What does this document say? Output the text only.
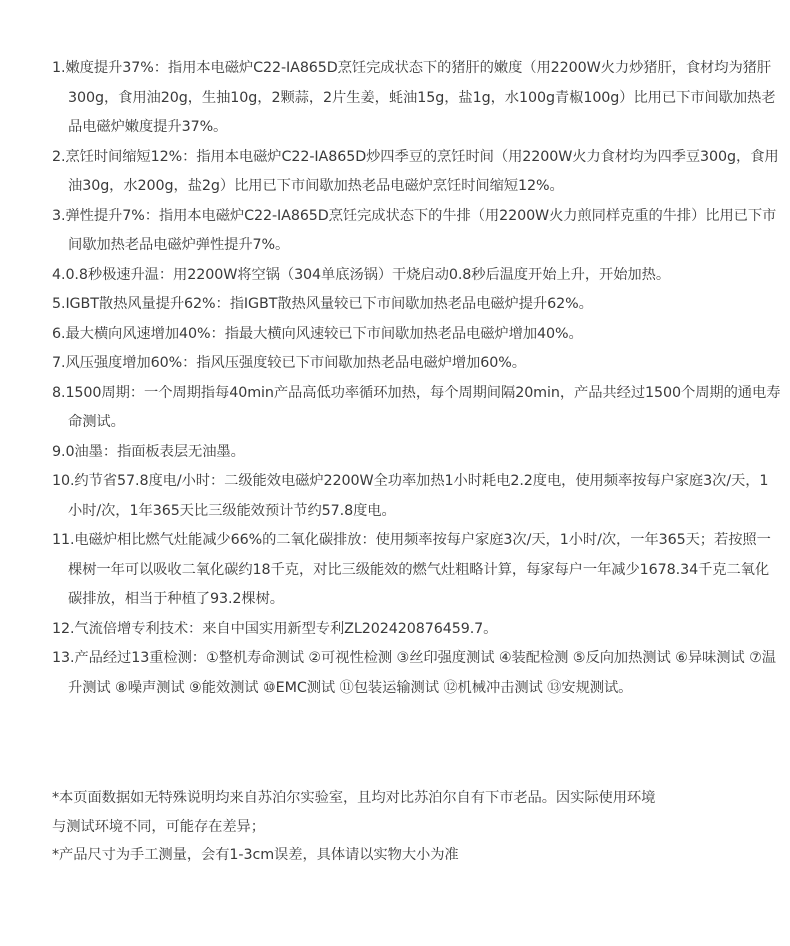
1.嫩度提升37%：指用本电磁炉C22-IA865D烹饪完成状态下的猪肝的嫩度（用2200W火力炒猪肝，食材均为猪肝300g，食用油20g，生抽10g，2颗蒜，2片生姜，蚝油15g，盐1g，水100g青椒100g）比用已下市间歇加热老品电磁炉嫩度提升37%。
2.烹饪时间缩短12%：指用本电磁炉C22-IA865D炒四季豆的烹饪时间（用2200W火力食材均为四季豆300g，食用油30g，水200g，盐2g）比用已下市间歇加热老品电磁炉烹饪时间缩短12%。
3.弹性提升7%：指用本电磁炉C22-IA865D烹饪完成状态下的牛排（用2200W火力煎同样克重的牛排）比用已下市间歇加热老品电磁炉弹性提升7%。
4.0.8秒极速升温：用2200W将空锅（304单底汤锅）干烧启动0.8秒后温度开始上升，开始加热。
5.IGBT散热风量提升62%：指IGBT散热风量较已下市间歇加热老品电磁炉提升62%。
6.最大横向风速增加40%：指最大横向风速较已下市间歇加热老品电磁炉增加40%。
7.风压强度增加60%：指风压强度较已下市间歇加热老品电磁炉增加60%。
8.1500周期：一个周期指每40min产品高低功率循环加热，每个周期间隔20min，产品共经过1500个周期的通电寿命测试。
9.0油墨：指面板表层无油墨。
10.约节省57.8度电/小时：二级能效电磁炉2200W全功率加热1小时耗电2.2度电，使用频率按每户家庭3次/天，1小时/次，1年365天比三级能效预计节约57.8度电。
11.电磁炉相比燃气灶能减少66%的二氧化碳排放：使用频率按每户家庭3次/天，1小时/次，一年365天；若按照一棵树一年可以吸收二氧化碳约18千克，对比三级能效的燃气灶粗略计算，每家每户一年减少1678.34千克二氧化碳排放，相当于种植了93.2棵树。
12.气流倍增专利技术：来自中国实用新型专利ZL202420876459.7。
13.产品经过13重检测：①整机寿命测试 ②可视性检测 ③丝印强度测试 ④装配检测 ⑤反向加热测试 ⑥异味测试 ⑦温升测试 ⑧噪声测试 ⑨能效测试 ⑩EMC测试 ⑪包装运输测试 ⑫机械冲击测试 ⑬安规测试。
*本页面数据如无特殊说明均来自苏泊尔实验室，且均对比苏泊尔自有下市老品。因实际使用环境
与测试环境不同，可能存在差异；
*产品尺寸为手工测量，会有1-3cm误差，具体请以实物大小为准
